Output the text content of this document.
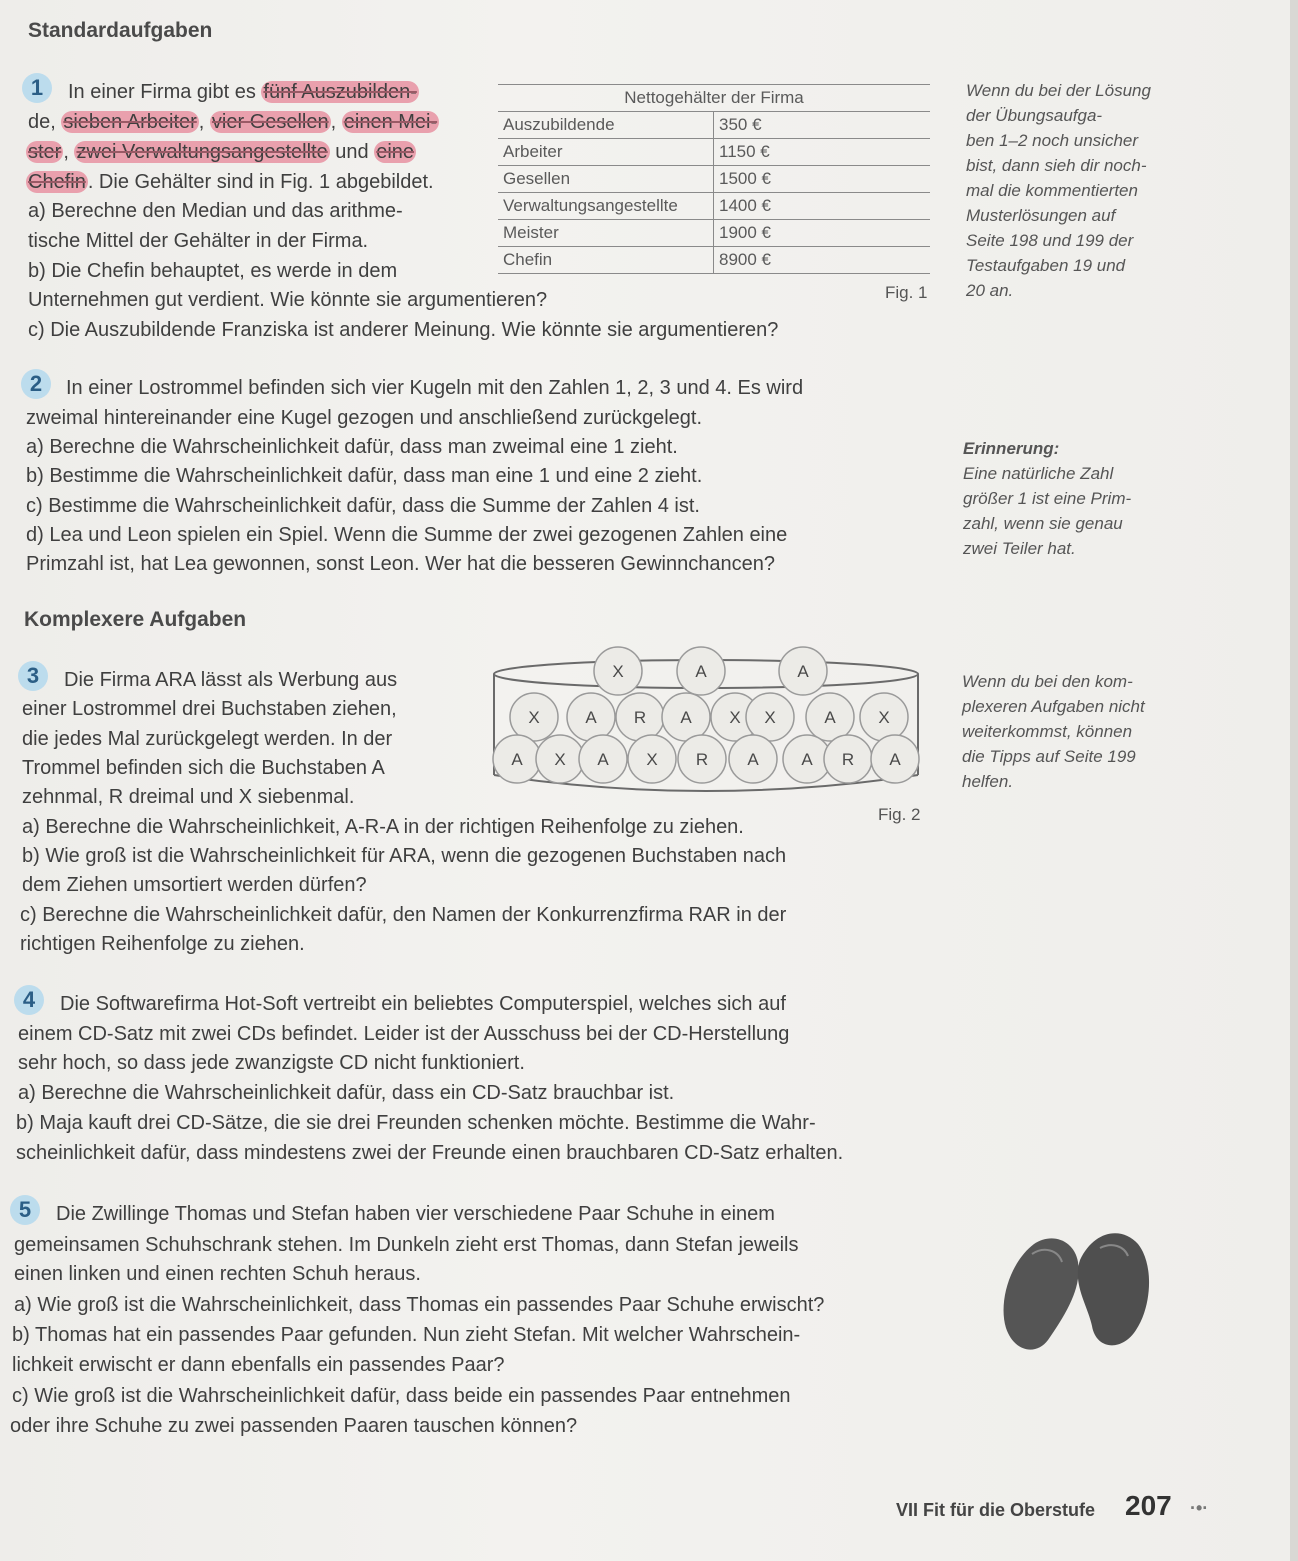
Standardaufgaben
1	In einer Firma gibt es fünf Auszubilden-
de, sieben Arbeiter , vier Gesellen , einen Mei-
ster , zwei Verwaltungsangestellte und eine
Chefin . Die Gehälter sind in Fig. 1 abgebildet.
a) Berechne den Median und das arithme-
tische Mittel der Gehälter in der Firma.
b) Die Chefin behauptet, es werde in dem
Unternehmen gut verdient. Wie könnte sie argumentieren?
c) Die Auszubildende Franziska ist anderer Meinung. Wie könnte sie argumentieren?
Nettogehälter der Firma	
Auszubildende	350 €
Arbeiter	1150 €
Gesellen	1500 €
Verwaltungsangestellte	1400 €
Meister	1900 €
Chefin	8900 €
Fig. 1
Wenn du bei der Lösung
der Übungsaufga-
ben 1–2 noch unsicher
bist, dann sieh dir noch-
mal die kommentierten
Musterlösungen auf
Seite 198 und 199 der
Testaufgaben 19 und
20 an.
2	In einer Lostrommel befinden sich vier Kugeln mit den Zahlen 1, 2, 3 und 4. Es wird
zweimal hintereinander eine Kugel gezogen und anschließend zurückgelegt.
a) Berechne die Wahrscheinlichkeit dafür, dass man zweimal eine 1 zieht.
b) Bestimme die Wahrscheinlichkeit dafür, dass man eine 1 und eine 2 zieht.
c) Bestimme die Wahrscheinlichkeit dafür, dass die Summe der Zahlen 4 ist.
d) Lea und Leon spielen ein Spiel. Wenn die Summe der zwei gezogenen Zahlen eine
Primzahl ist, hat Lea gewonnen, sonst Leon. Wer hat die besseren Gewinnchancen?
Erinnerung:
Eine natürliche Zahl
größer 1 ist eine Prim-
zahl, wenn sie genau
zwei Teiler hat.
Komplexere Aufgaben
3	Die Firma ARA lässt als Werbung aus
einer Lostrommel drei Buchstaben ziehen,
die jedes Mal zurückgelegt werden. In der
Trommel befinden sich die Buchstaben A
zehnmal, R dreimal und X siebenmal.
a) Berechne die Wahrscheinlichkeit, A-R-A in der richtigen Reihenfolge zu ziehen.
b) Wie groß ist die Wahrscheinlichkeit für ARA, wenn die gezogenen Buchstaben nach
dem Ziehen umsortiert werden dürfen?
c) Berechne die Wahrscheinlichkeit dafür, den Namen der Konkurrenzfirma RAR in der
richtigen Reihenfolge zu ziehen.
X	A	A
X	A R A X X	A	X
A X A X R A	A R A
Fig. 2
Wenn du bei den kom-
plexeren Aufgaben nicht
weiterkommst, können
die Tipps auf Seite 199
helfen.
4	Die Softwarefirma Hot-Soft vertreibt ein beliebtes Computerspiel, welches sich auf
einem CD-Satz mit zwei CDs befindet. Leider ist der Ausschuss bei der CD-Herstellung
sehr hoch, so dass jede zwanzigste CD nicht funktioniert.
a) Berechne die Wahrscheinlichkeit dafür, dass ein CD-Satz brauchbar ist.
b) Maja kauft drei CD-Sätze, die sie drei Freunden schenken möchte. Bestimme die Wahr-
scheinlichkeit dafür, dass mindestens zwei der Freunde einen brauchbaren CD-Satz erhalten.
5	Die Zwillinge Thomas und Stefan haben vier verschiedene Paar Schuhe in einem
gemeinsamen Schuhschrank stehen. Im Dunkeln zieht erst Thomas, dann Stefan jeweils
einen linken und einen rechten Schuh heraus.
a) Wie groß ist die Wahrscheinlichkeit, dass Thomas ein passendes Paar Schuhe erwischt?
b) Thomas hat ein passendes Paar gefunden. Nun zieht Stefan. Mit welcher Wahrschein-
lichkeit erwischt er dann ebenfalls ein passendes Paar?
c) Wie groß ist die Wahrscheinlichkeit dafür, dass beide ein passendes Paar entnehmen
oder ihre Schuhe zu zwei passenden Paaren tauschen können?
VII Fit für die Oberstufe 207 ·•·
